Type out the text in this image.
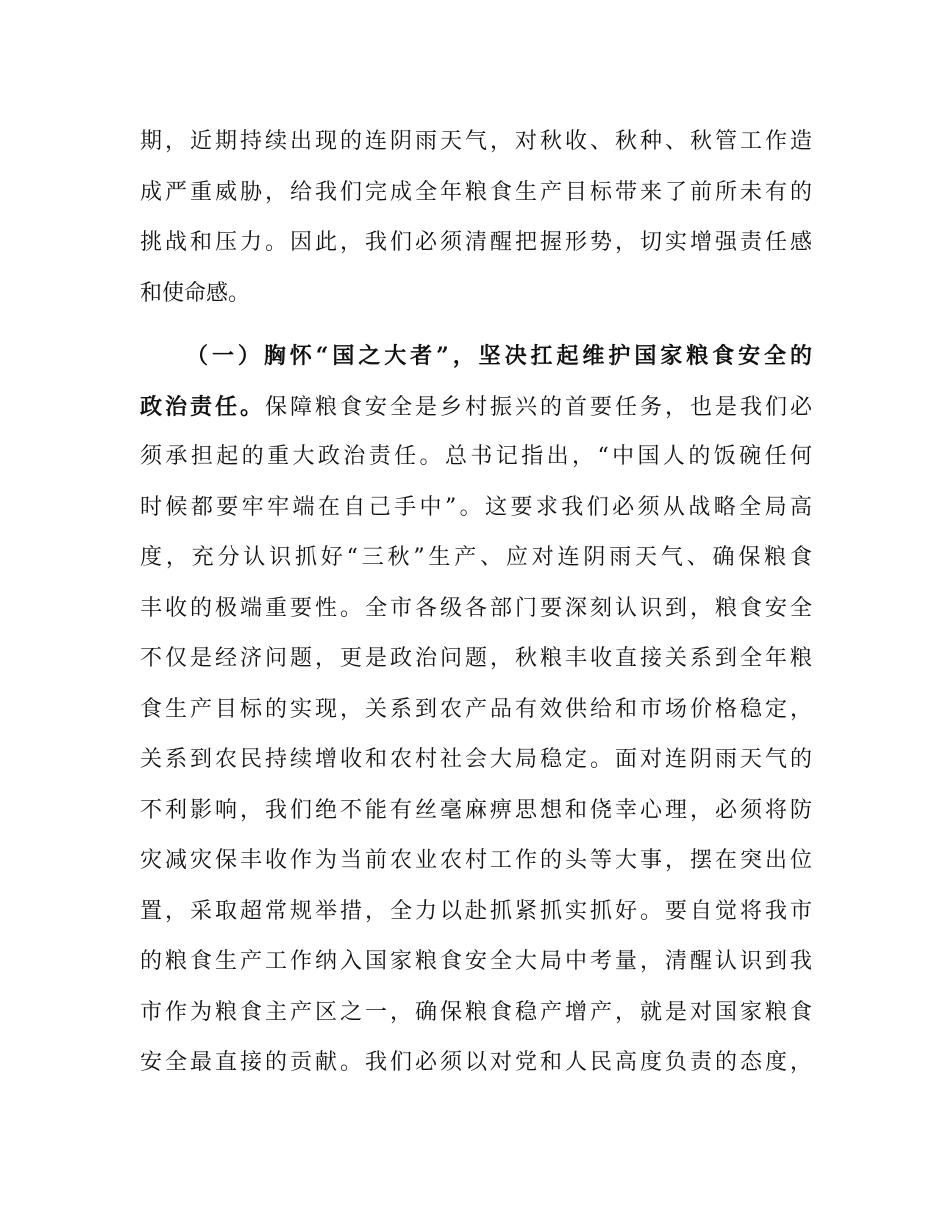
期，近期持续出现的连阴雨天气，对秋收、秋种、秋管工作造
成严重威胁，给我们完成全年粮食生产目标带来了前所未有的
挑战和压力。因此，我们必须清醒把握形势，切实增强责任感
和使命感。
（一）胸怀“国之大者”，坚决扛起维护国家粮食安全的
政治责任。保障粮食安全是乡村振兴的首要任务，也是我们必
须承担起的重大政治责任。总书记指出，“中国人的饭碗任何
时候都要牢牢端在自己手中”。这要求我们必须从战略全局高
度，充分认识抓好“三秋”生产、应对连阴雨天气、确保粮食
丰收的极端重要性。全市各级各部门要深刻认识到，粮食安全
不仅是经济问题，更是政治问题，秋粮丰收直接关系到全年粮
食生产目标的实现，关系到农产品有效供给和市场价格稳定，
关系到农民持续增收和农村社会大局稳定。面对连阴雨天气的
不利影响，我们绝不能有丝毫麻痹思想和侥幸心理，必须将防
灾减灾保丰收作为当前农业农村工作的头等大事，摆在突出位
置，采取超常规举措，全力以赴抓紧抓实抓好。要自觉将我市
的粮食生产工作纳入国家粮食安全大局中考量，清醒认识到我
市作为粮食主产区之一，确保粮食稳产增产，就是对国家粮食
安全最直接的贡献。我们必须以对党和人民高度负责的态度，
